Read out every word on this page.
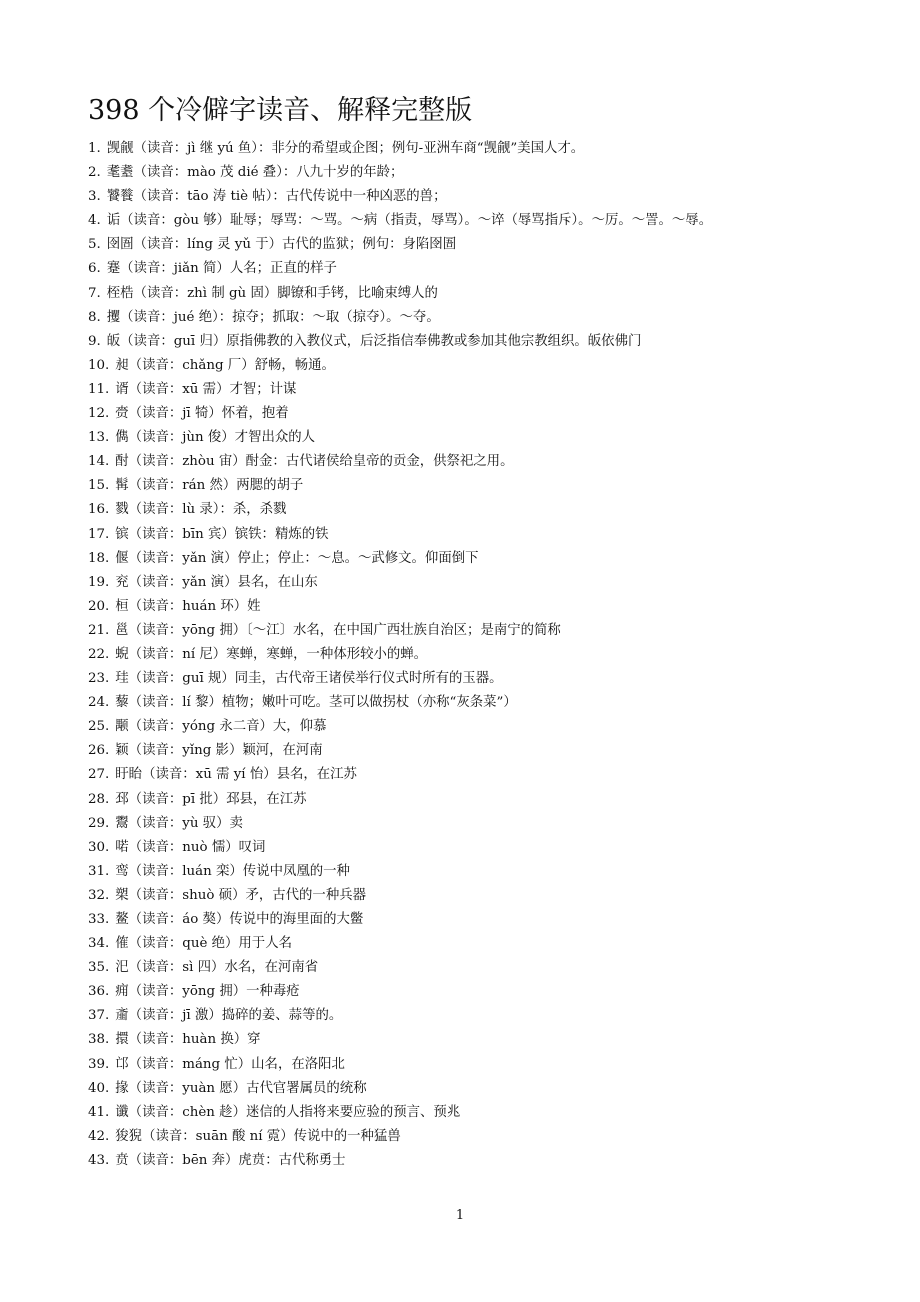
398 个冷僻字读音、解释完整版
1. 觊觎（读音：jì 继 yú 鱼）：非分的希望或企图；例句-亚洲车商“觊觎”美国人才。
2. 耄耋（读音：mào 茂 dié 叠）：八九十岁的年龄；
3. 饕餮（读音：tāo 涛 tiè 帖）：古代传说中一种凶恶的兽；
4. 诟（读音：gòu 够）耻辱；辱骂：～骂。～病（指责，辱骂）。～谇（辱骂指斥）。～厉。～詈。～辱。
5. 囹圄（读音：líng 灵 yǔ 于）古代的监狱；例句：身陷囹圄
6. 蹇（读音：jiǎn 简）人名；正直的样子
7. 桎梏（读音：zhì 制 gù 固）脚镣和手铐，比喻束缚人的
8. 攫（读音：jué 绝）：掠夺；抓取：～取（掠夺）。～夺。
9. 皈（读音：guī 归）原指佛教的入教仪式，后泛指信奉佛教或参加其他宗教组织。皈依佛门
10. 昶（读音：chǎng 厂）舒畅，畅通。
11. 谞（读音：xū 需）才智；计谋
12. 赍（读音：jī 犄）怀着，抱着
13. 儁（读音：jùn 俊）才智出众的人
14. 酎（读音：zhòu 宙）酎金：古代诸侯给皇帝的贡金，供祭祀之用。
15. 髯（读音：rán 然）两腮的胡子
16. 戮（读音：lù 录）：杀，杀戮
17. 镔（读音：bīn 宾）镔铁：精炼的铁
18. 偃（读音：yǎn 演）停止；停止：～息。～武修文。仰面倒下
19. 兖（读音：yǎn 演）县名，在山东
20. 桓（读音：huán 环）姓
21. 邕（读音：yōng 拥）〔～江〕水名，在中国广西壮族自治区；是南宁的简称
22. 蜺（读音：ní 尼）寒蝉，寒蝉，一种体形较小的蝉。
23. 珪（读音：guī 规）同圭，古代帝王诸侯举行仪式时所有的玉器。
24. 藜（读音：lí 黎）植物；嫩叶可吃。茎可以做拐杖（亦称“灰条菜”）
25. 颙（读音：yóng 永二音）大，仰慕
26. 颖（读音：yǐng 影）颖河，在河南
27. 盱眙（读音：xū 需 yí 怡）县名，在江苏
28. 邳（读音：pī 批）邳县，在江苏
29. 鬻（读音：yù 驭）卖
30. 喏（读音：nuò 懦）叹词
31. 鸾（读音：luán 栾）传说中凤凰的一种
32. 槊（读音：shuò 硕）矛，古代的一种兵器
33. 鳌（读音：áo 獒）传说中的海里面的大鳖
34. 傕（读音：què 绝）用于人名
35. 汜（读音：sì 四）水名，在河南省
36. 痈（读音：yōng 拥）一种毒疮
37. 齑（读音：jī 激）捣碎的姜、蒜等的。
38. 擐（读音：huàn 换）穿
39. 邙（读音：máng 忙）山名，在洛阳北
40. 掾（读音：yuàn 愿）古代官署属员的统称
41. 谶（读音：chèn 趁）迷信的人指将来要应验的预言、预兆
42. 狻猊（读音：suān 酸 ní 霓）传说中的一种猛兽
43. 贲（读音：bēn 奔）虎贲：古代称勇士
1
